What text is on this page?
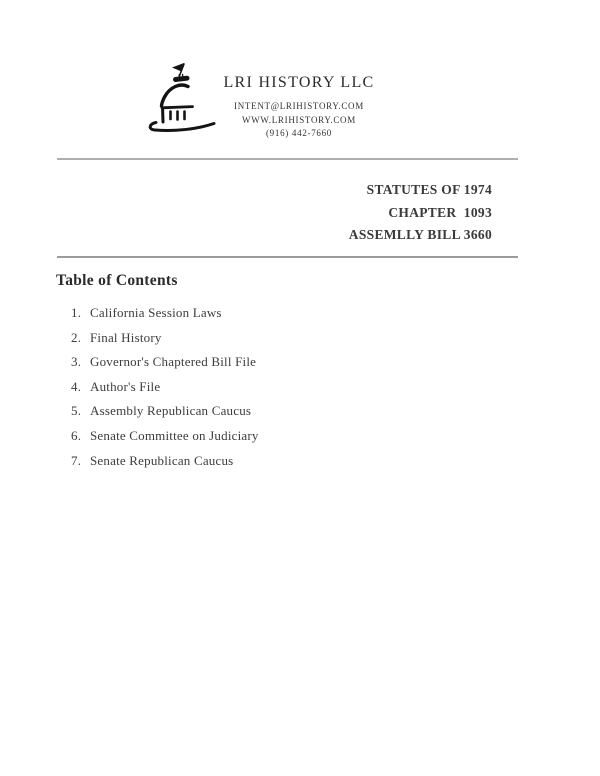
LRI HISTORY LLC
INTENT@LRIHISTORY.COM
WWW.LRIHISTORY.COM
(916) 442-7660
STATUTES OF 1974
CHAPTER  1093
ASSEMLLY BILL 3660
Table of Contents
1. California Session Laws
2. Final History
3. Governor's Chaptered Bill File
4. Author's File
5. Assembly Republican Caucus
6. Senate Committee on Judiciary
7. Senate Republican Caucus
